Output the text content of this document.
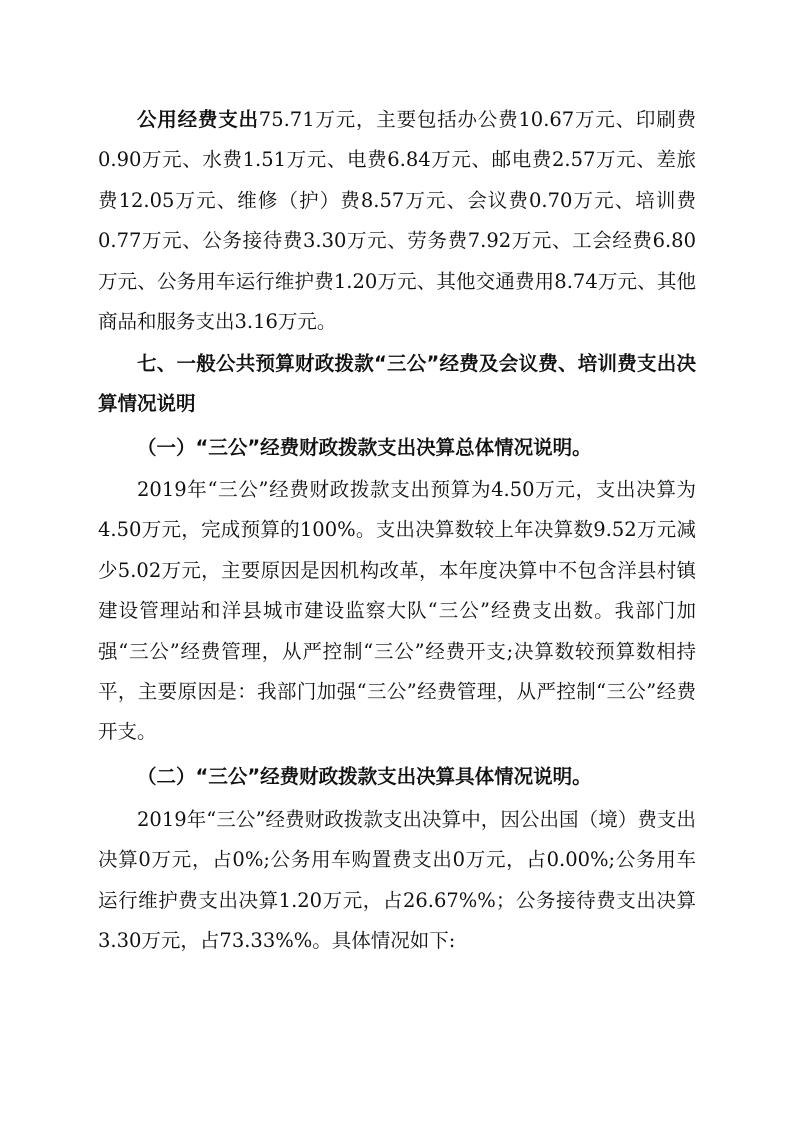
公用经费支出75.71万元，主要包括办公费10.67万元、印刷费0.90万元、水费1.51万元、电费6.84万元、邮电费2.57万元、差旅费12.05万元、维修（护）费8.57万元、会议费0.70万元、培训费0.77万元、公务接待费3.30万元、劳务费7.92万元、工会经费6.80万元、公务用车运行维护费1.20万元、其他交通费用8.74万元、其他商品和服务支出3.16万元。

七、一般公共预算财政拨款“三公”经费及会议费、培训费支出决算情况说明

（一）“三公”经费财政拨款支出决算总体情况说明。

2019年“三公”经费财政拨款支出预算为4.50万元，支出决算为4.50万元，完成预算的100%。支出决算数较上年决算数9.52万元减少5.02万元，主要原因是因机构改革，本年度决算中不包含洋县村镇建设管理站和洋县城市建设监察大队“三公”经费支出数。我部门加强“三公”经费管理，从严控制“三公”经费开支;决算数较预算数相持平，主要原因是：我部门加强“三公”经费管理，从严控制“三公”经费开支。

（二）“三公”经费财政拨款支出决算具体情况说明。

2019年“三公”经费财政拨款支出决算中，因公出国（境）费支出决算0万元，占0%;公务用车购置费支出0万元，占0.00%;公务用车运行维护费支出决算1.20万元，占26.67%%；公务接待费支出决算3.30万元，占73.33%%。具体情况如下:
